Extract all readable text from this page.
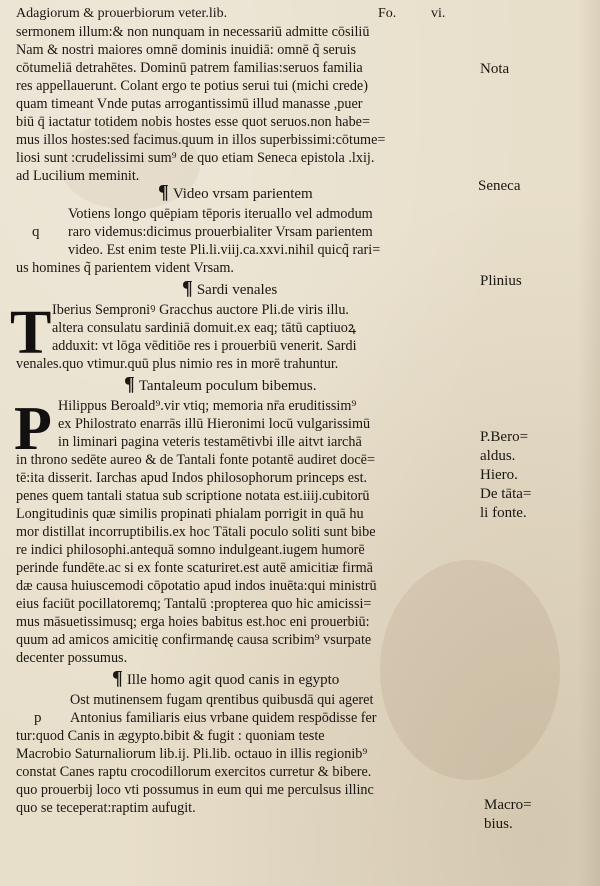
Adagiorum & prouerbiorum veter.lib.	Fo. vi.
sermonem illum:& non nunquam in necessariū admitte cōsiliū
Nam & nostri maiores omnē dominis inuidiā: omnē q̃ seruis
cōtumeliā detrahētes. Dominū patrem familias:seruos familia
res appellauerunt. Colant ergo te potius serui tui (michi crede)
quam timeant Vnde putas arrogantissimū illud manasse ,puer
biū q̄ iactatur totidem nobis hostes esse quot seruos.non habe=
mus illos hostes:sed facimus.quum in illos superbissimi:cōtume=
liosi sunt :crudelissimi sum⁹ de quo etiam Seneca epistola .lxij.
ad Lucilium meminit.
¶ Video vrsam parientem
Votiens longo quēpiam tēporis iteruallo vel admodum
q raro videmus:dicimus prouerbialiter Vrsam parientem
video. Est enim teste Pli.li.viij.ca.xxvi.nihil quicq̃ rari=
us homines q̃ parientem vident Vrsam.
¶ Sardi venales
T Iberius Semproniꝰ Gracchus auctore Pli.de viris illu.
altera consulatu sardiniā domuit.ex eaq; tātū captiuoꝝ
adduxit: vt lōga vēditiōe res i prouerbiū venerit. Sardi
venales.quo vtimur.quū plus nimio res in morē trahuntur.
¶ Tantaleum poculum bibemus.
P Hilippus Beroald⁹.vir vtiq; memoria nr̄a eruditissim⁹
ex Philostrato enarrās illū Hieronimi locū vulgarissimū
in liminari pagina veteris testamētivbi ille aitvt iarchā
in throno sedēte aureo & de Tantali fonte potantē audiret docē=
tē:ita disserit. Iarchas apud Indos philosophorum princeps est.
penes quem tantali statua sub scriptione notata est.iiij.cubitorū
Longitudinis quæ similis propinati phialam porrigit in quā hu
mor distillat incorruptibilis.ex hoc Tātali poculo soliti sunt bibe
re indici philosophi.antequā somno indulgeant.iugem humorē
perinde fundēte.ac si ex fonte scaturiret.est autē amicitiæ firmā
dæ causa huiuscemodi cōpotatio apud indos inuēta:qui ministrū
eius faciūt pocillatoremq; Tantalū :propterea quo hic amicissi=
mus māsuetissimusq; erga hoies babitus est.hoc eni prouerbiū:
quum ad amicos amicitię confirmandę causa scribim⁹ vsurpate
decenter possumus.
¶ Ille homo agit quod canis in egypto
Ost mutinensem fugam qrentibus quibusdā qui ageret
p Antonius familiaris eius vrbane quidem respōdisse fer
tur:quod Canis in ægypto.bibit & fugit : quoniam teste
Macrobio Saturnaliorum lib.ij. Pli.lib. octauo in illis regionib⁹
constat Canes raptu crocodillorum exercitos curretur & bibere.
quo prouerbij loco vti possumus in eum qui me perculsus illinc
quo se teceperat:raptim aufugit.
Nota
Seneca
Plinius
P.Bero=
aldus.
Hiero.
De tāta=
li fonte.
Macro=
bius.
